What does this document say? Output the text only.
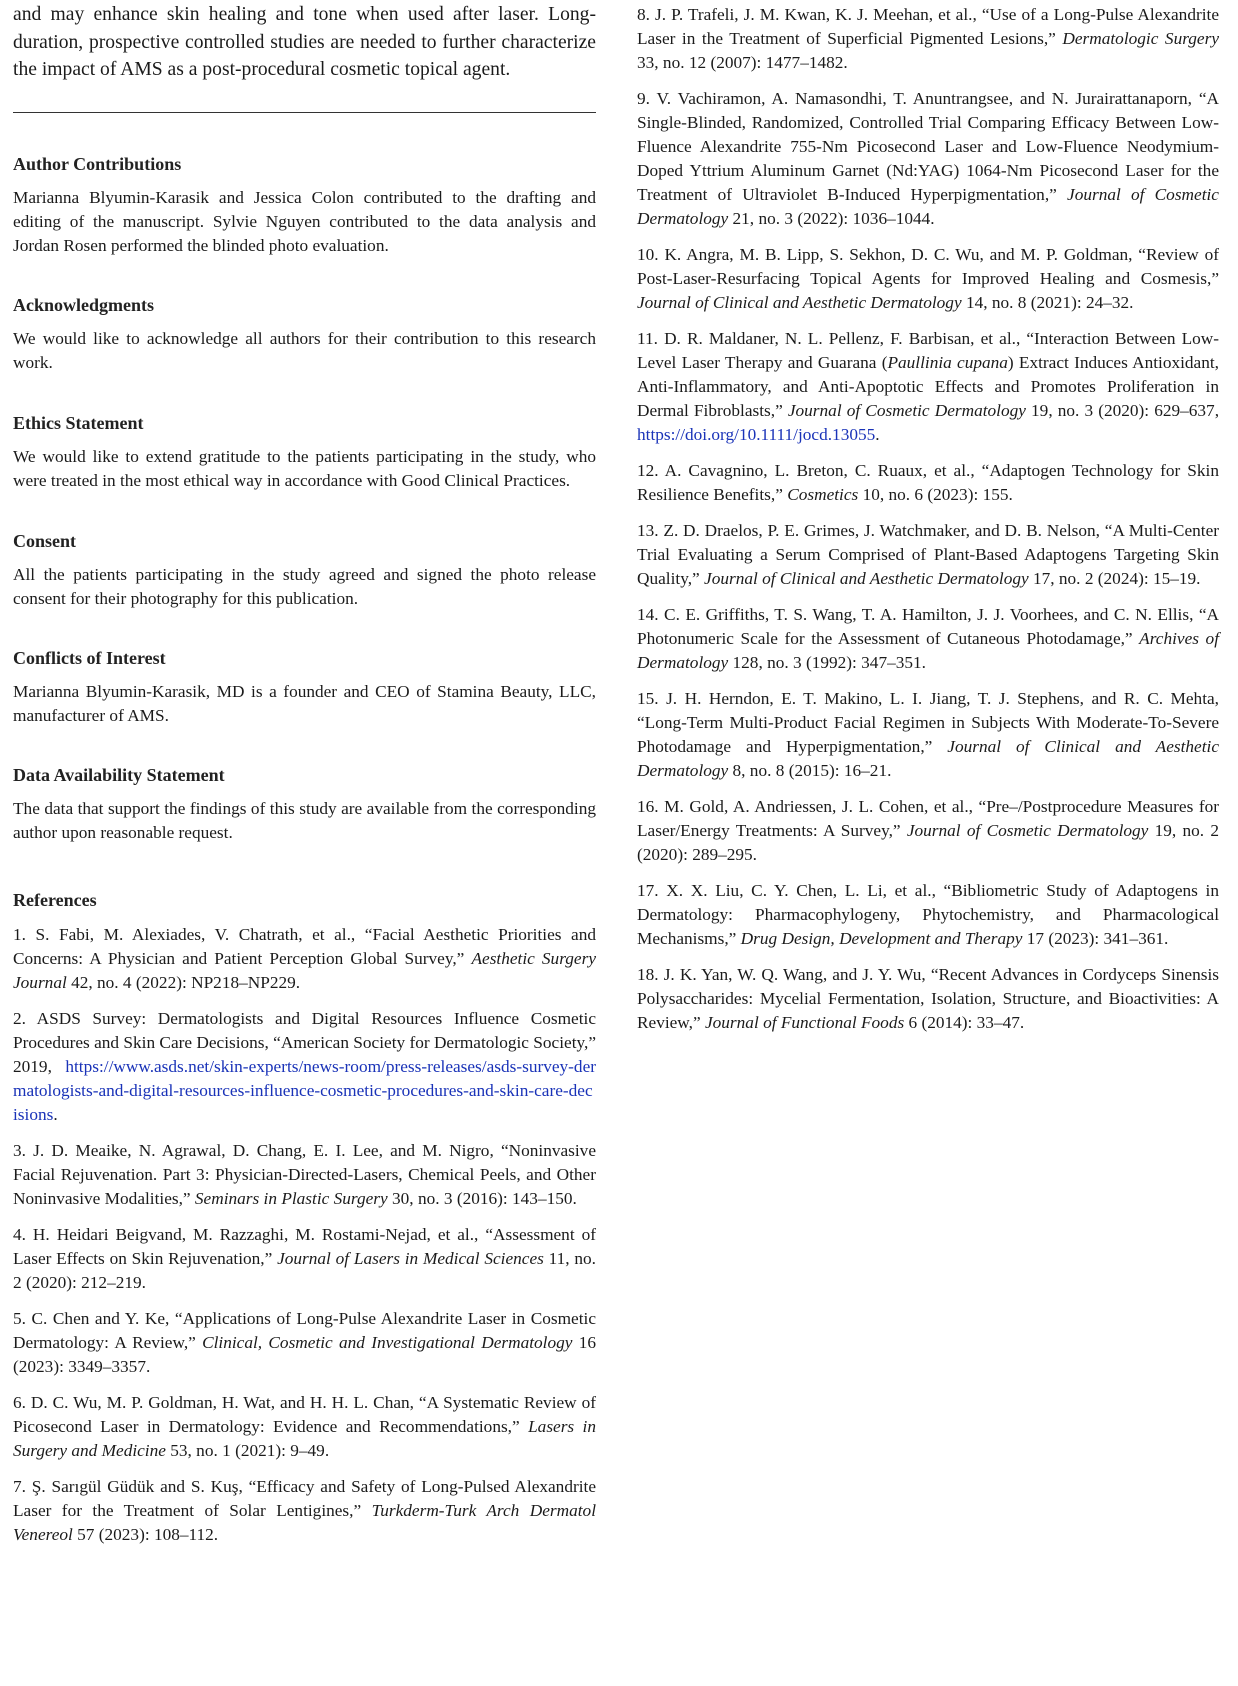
and may enhance skin healing and tone when used after laser. Long-duration, prospective controlled studies are needed to further characterize the impact of AMS as a post-procedural cosmetic topical agent.

Author Contributions

Marianna Blyumin-Karasik and Jessica Colon contributed to the drafting and editing of the manuscript. Sylvie Nguyen contributed to the data analysis and Jordan Rosen performed the blinded photo evaluation.

Acknowledgments

We would like to acknowledge all authors for their contribution to this research work.

Ethics Statement

We would like to extend gratitude to the patients participating in the study, who were treated in the most ethical way in accordance with Good Clinical Practices.

Consent

All the patients participating in the study agreed and signed the photo release consent for their photography for this publication.

Conflicts of Interest

Marianna Blyumin-Karasik, MD is a founder and CEO of Stamina Beauty, LLC, manufacturer of AMS.

Data Availability Statement

The data that support the findings of this study are available from the corresponding author upon reasonable request.

References

1. S. Fabi, M. Alexiades, V. Chatrath, et al., “Facial Aesthetic Priorities and Concerns: A Physician and Patient Perception Global Survey,” Aesthetic Surgery Journal 42, no. 4 (2022): NP218–NP229.

2. ASDS Survey: Dermatologists and Digital Resources Influence Cosmetic Procedures and Skin Care Decisions, “American Society for Dermatologic Society,” 2019, https://www.asds.net/skin-experts/news-room/press-releases/asds-survey-dermatologists-and-digital-resources-influence-cosmetic-procedures-and-skin-care-decisions.

3. J. D. Meaike, N. Agrawal, D. Chang, E. I. Lee, and M. Nigro, “Noninvasive Facial Rejuvenation. Part 3: Physician-Directed-Lasers, Chemical Peels, and Other Noninvasive Modalities,” Seminars in Plastic Surgery 30, no. 3 (2016): 143–150.

4. H. Heidari Beigvand, M. Razzaghi, M. Rostami-Nejad, et al., “Assessment of Laser Effects on Skin Rejuvenation,” Journal of Lasers in Medical Sciences 11, no. 2 (2020): 212–219.

5. C. Chen and Y. Ke, “Applications of Long-Pulse Alexandrite Laser in Cosmetic Dermatology: A Review,” Clinical, Cosmetic and Investigational Dermatology 16 (2023): 3349–3357.

6. D. C. Wu, M. P. Goldman, H. Wat, and H. H. L. Chan, “A Systematic Review of Picosecond Laser in Dermatology: Evidence and Recommendations,” Lasers in Surgery and Medicine 53, no. 1 (2021): 9–49.

7. Ş. Sarıgül Güdük and S. Kuş, “Efficacy and Safety of Long-Pulsed Alexandrite Laser for the Treatment of Solar Lentigines,” Turkderm-Turk Arch Dermatol Venereol 57 (2023): 108–112.

8. J. P. Trafeli, J. M. Kwan, K. J. Meehan, et al., “Use of a Long-Pulse Alexandrite Laser in the Treatment of Superficial Pigmented Lesions,” Dermatologic Surgery 33, no. 12 (2007): 1477–1482.

9. V. Vachiramon, A. Namasondhi, T. Anuntrangsee, and N. Jurairattanaporn, “A Single-Blinded, Randomized, Controlled Trial Comparing Efficacy Between Low-Fluence Alexandrite 755-Nm Picosecond Laser and Low-Fluence Neodymium-Doped Yttrium Aluminum Garnet (Nd:YAG) 1064-Nm Picosecond Laser for the Treatment of Ultraviolet B-Induced Hyperpigmentation,” Journal of Cosmetic Dermatology 21, no. 3 (2022): 1036–1044.

10. K. Angra, M. B. Lipp, S. Sekhon, D. C. Wu, and M. P. Goldman, “Review of Post-Laser-Resurfacing Topical Agents for Improved Healing and Cosmesis,” Journal of Clinical and Aesthetic Dermatology 14, no. 8 (2021): 24–32.

11. D. R. Maldaner, N. L. Pellenz, F. Barbisan, et al., “Interaction Between Low-Level Laser Therapy and Guarana (Paullinia cupana) Extract Induces Antioxidant, Anti-Inflammatory, and Anti-Apoptotic Effects and Promotes Proliferation in Dermal Fibroblasts,” Journal of Cosmetic Dermatology 19, no. 3 (2020): 629–637, https://doi.org/10.1111/jocd.13055.

12. A. Cavagnino, L. Breton, C. Ruaux, et al., “Adaptogen Technology for Skin Resilience Benefits,” Cosmetics 10, no. 6 (2023): 155.

13. Z. D. Draelos, P. E. Grimes, J. Watchmaker, and D. B. Nelson, “A Multi-Center Trial Evaluating a Serum Comprised of Plant-Based Adaptogens Targeting Skin Quality,” Journal of Clinical and Aesthetic Dermatology 17, no. 2 (2024): 15–19.

14. C. E. Griffiths, T. S. Wang, T. A. Hamilton, J. J. Voorhees, and C. N. Ellis, “A Photonumeric Scale for the Assessment of Cutaneous Photodamage,” Archives of Dermatology 128, no. 3 (1992): 347–351.

15. J. H. Herndon, E. T. Makino, L. I. Jiang, T. J. Stephens, and R. C. Mehta, “Long-Term Multi-Product Facial Regimen in Subjects With Moderate-To-Severe Photodamage and Hyperpigmentation,” Journal of Clinical and Aesthetic Dermatology 8, no. 8 (2015): 16–21.

16. M. Gold, A. Andriessen, J. L. Cohen, et al., “Pre–/Postprocedure Measures for Laser/Energy Treatments: A Survey,” Journal of Cosmetic Dermatology 19, no. 2 (2020): 289–295.

17. X. X. Liu, C. Y. Chen, L. Li, et al., “Bibliometric Study of Adaptogens in Dermatology: Pharmacophylogeny, Phytochemistry, and Pharmacological Mechanisms,” Drug Design, Development and Therapy 17 (2023): 341–361.

18. J. K. Yan, W. Q. Wang, and J. Y. Wu, “Recent Advances in Cordyceps Sinensis Polysaccharides: Mycelial Fermentation, Isolation, Structure, and Bioactivities: A Review,” Journal of Functional Foods 6 (2014): 33–47.
